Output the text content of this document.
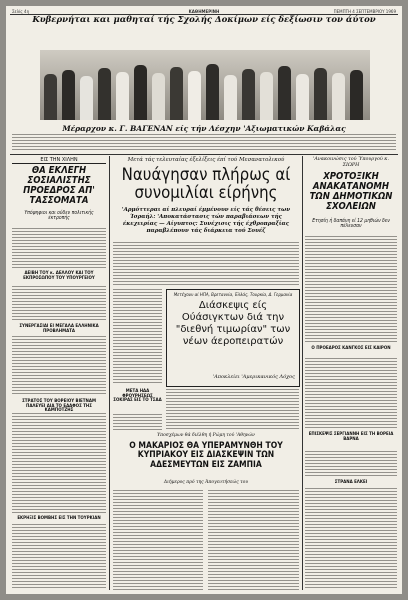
Σελίς 4η	ΚΑΘΗΜΕΡΙΝΗ	ΠΕΜΠΤΗ 4 ΣΕΠΤΕΜΒΡΙΟΥ 1969
Κυβερνήται και μαθηταί τής Σχολής Δοκίμων είς δεξίωσιν τον άύτον
Μέραρχον κ. Γ. ΒΑΓΕΝΑΝ είς τήν Λέσχην 'Αξιωματικών Καβάλας
ΕΙΣ ΤΗΝ ΧΙΛΗΝ
ΘΑ ΕΚΛΕΓΗ ΣΟΣΙΑΛΙΣΤΗΣ ΠΡΟΕΔΡΟΣ ΑΠ' ΤΑΣΣΟΜΑΤΑ
Υπόψηφιοι και ούδεν πολιτικής έκτροπής
ΔΕΙΒΗ ΤΟΥ κ. ΔΕΛΛΟΥ ΚΑΙ ΤΟΥ ΕΚΠΡΟΣΩΠΟΥ ΤΟΥ ΥΠΟΥΡΓΕΙΟΥ
ΣΥΝΕΡΓΑΣΙΑΙ ΕΙ ΜΕΓΑΛΑ ΕΛΛΗΝΙΚΑ ΠΡΟΒΛΗΜΑΤΑ
ΣΤΡΑΤΟΣ ΤΟΥ ΒΟΡΕΙΟΥ ΒΙΕΤΝΑΜ ΠΑΛΕΥΕΙ ΔΙΑ ΤΟ ΕΔΑΦΟΣ ΤΗΣ ΚΑΜΠΟΤΖΗΣ
ΕΚΡΗΞΙΣ ΒΟΜΒΗΣ ΕΙΣ ΤΗΝ ΤΟΥΡΚΙΑΝ
Μετά τάς τελευταίας έξελίξεις έπί τού Μεσανατολικού
Ναυάγησαν πλήρως αί συνομιλίαι είρήνης
'Αρμόττεραι αί πλευραί έμμένουν είς τάς θέσεις των Ίσραήλ: 'Αποκατάστασις τών παραβιάσεων τής έκεχειρίας — Αίγυπτος: Συνέχισις τής έχθροπραξίας παραβλέπουν τάς διάρκεια τού Σουέζ
Μετέχουν αί ΗΠΑ, Βρεταννία, Έλλάς, Τουρκία, Δ. Γερμανία
Διάσκεψις είς Ούάσιγκτων διά την "διεθνή τιμωρίαν" των νέων άεροπειρατών
'Αποκλείει 'Αμερικανικός Λόχος
ΜΕΤΑ ΗΔΑ ΦΡΟΥΡΗΣΕΩΣ ΣΟΚΙΡΑΣ ΕΙΣ ΤΟ ΤΣΑΔ
Υποσχέμων θά διέλθη ή Ρώμη τού 'Αθηνών
Ο ΜΑΚΑΡΙΟΣ ΘΑ ΥΠΕΡΑΜΥΝΘΗ ΤΟΥ ΚΥΠΡΙΑΚΟΥ ΕΙΣ ΔΙΑΣΚΕΨΙΝ ΤΩΝ ΑΔΕΣΜΕΥΤΩΝ ΕΙΣ ΖΑΜΠΙΑ
Διήμερος πρό της Άπογευτήσεώς του
'Ανακοινώσις τού Ύπουργού κ. ΣΙΩΡΗ
ΧΡΟΤΟΞΙΚΗ ΑΝΑΚΑΤΑΝΟΜΗ ΤΩΝ ΔΗΜΟΤΙΚΩΝ ΣΧΟΛΕΙΩΝ
Ετησίη ή δαπάνη εί 12 μηθιών δεν πέλευσαν
Ο ΠΡΟΕΔΡΟΣ ΚΑΝΓΚΟΣ ΕΙΣ ΚΑΙΡΟΝ
ΕΠΙΣΚΕΨΙΣ ΣΕΡΓΙΑΝΝΗ ΕΙΣ ΤΗ ΒΟΡΕΙΑ ΒΑΡΝΑ
ΣΤΡΑΝΔ ΕΛΚΕΙ
